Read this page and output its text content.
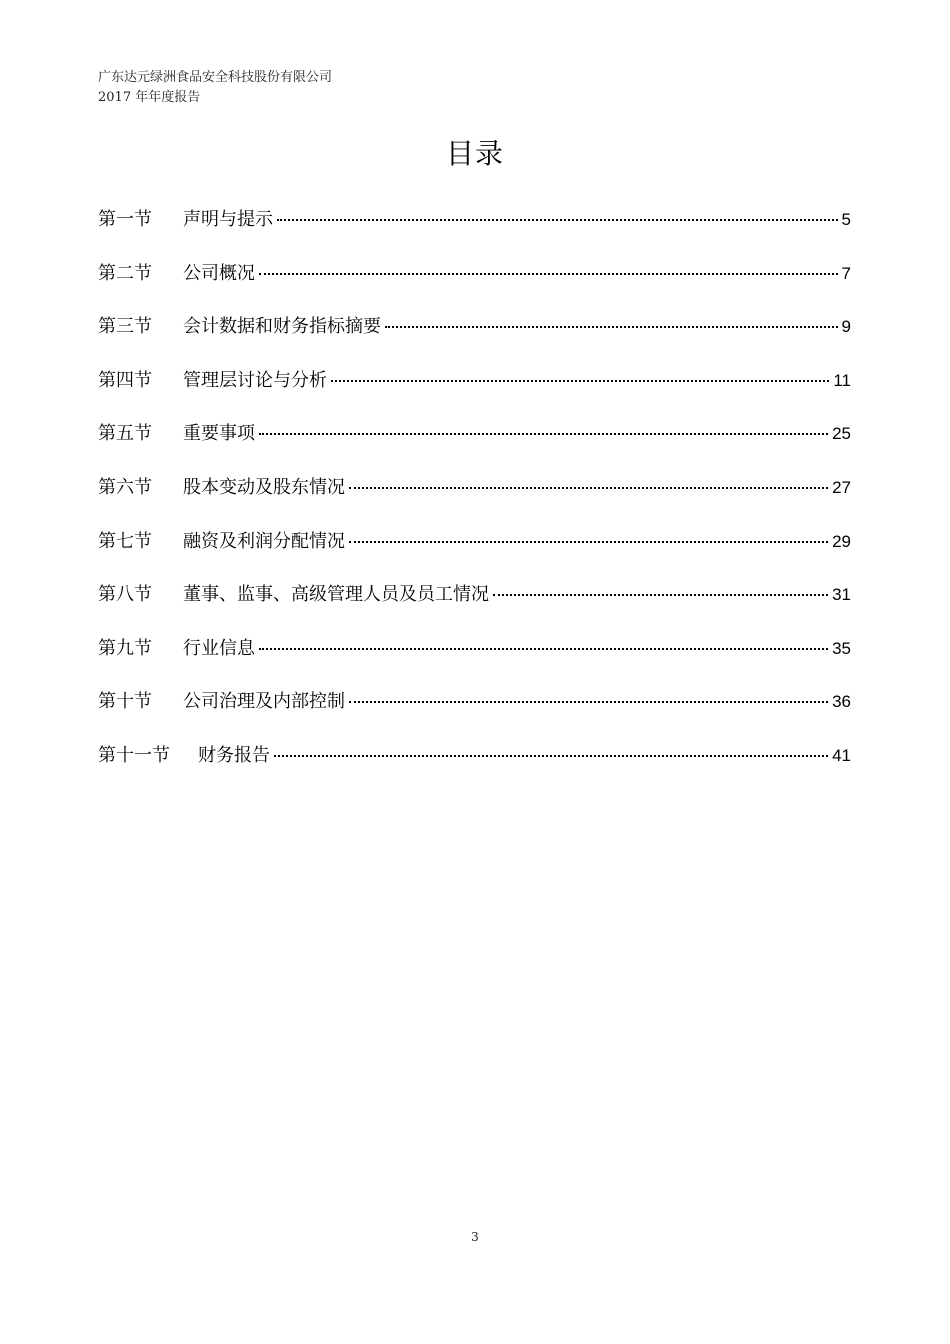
广东达元绿洲食品安全科技股份有限公司
2017 年年度报告
目录
第一节	声明与提示	5
第二节	公司概况	7
第三节	会计数据和财务指标摘要	9
第四节	管理层讨论与分析	11
第五节	重要事项	25
第六节	股本变动及股东情况	27
第七节	融资及利润分配情况	29
第八节	董事、监事、高级管理人员及员工情况	31
第九节	行业信息	35
第十节	公司治理及内部控制	36
第十一节	财务报告	41
3
